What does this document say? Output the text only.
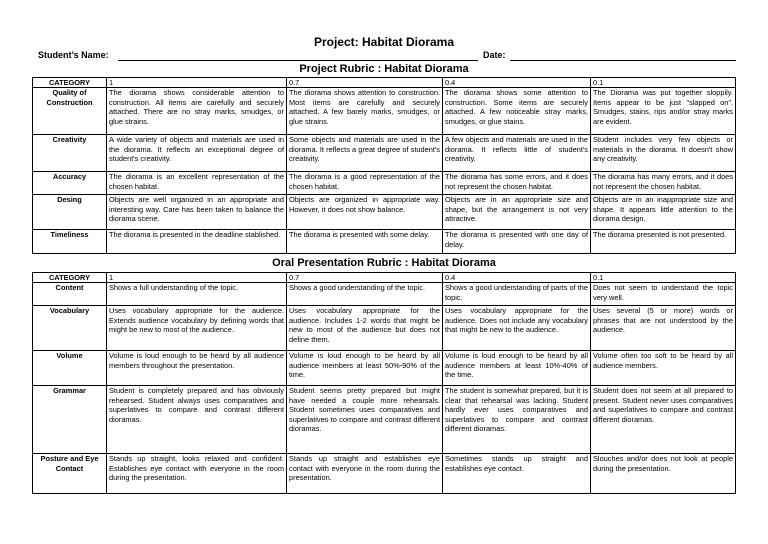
Project: Habitat Diorama
Student’s Name:	Date:
Project Rubric : Habitat Diorama
CATEGORY	1	0.7	0.4	0.1
Quality of Construction	The diorama shows considerable attention to construction. All items are carefully and securely attached. There are no stray marks, smudges, or glue strains.	The diorama shows attention to construction. Most items are carefully and securely attached. A few barely marks, smudges, or glue strains.	The diorama shows some attention to construction. Some items are securely attached. A few noticeable stray marks, smudges, or glue stains.	The Diorama was put together sloppily. Items appear to be just "slapped on". Smudges, stains, rips and/or stray marks are evident.
Creativity	A wide variety of objects and materials are used in the diorama. It reflects an exceptional degree of student's creativity.	Some objects and materials are used in the diorama. It reflects a great degree of student's creativity.	A few objects and materials are used in the diorama. It reflects little of student's creativity.	Student includes very few objects or materials in the diorama. It doesn't show any creativity.
Accuracy	The diorama is an excellent representation of the chosen habitat.	The diorama is a good representation of the chosen habitat.	The diorama has some errors, and it does not represent the chosen habitat.	The diorama has many errors, and it does not represent the chosen habitat.
Desing	Objects are well organized in an appropriate and interesting way. Care has been taken to balance the diorama scene.	Objects are organized in appropriate way. However, it does not show balance.	Objects are in an appropriate size and shape, but the arrangement is not very attractive.	Objects are in an inappropriate size and shape. It appears little attention to the diorama design.
Timeliness	The diorama is presented in the deadline stablished.	The diorama is presented with some delay.	The diorama is presented with one day of delay.	The diorama presented is not presented.
Oral Presentation Rubric : Habitat Diorama
CATEGORY	1	0.7	0.4	0.1
Content	Shows a full understanding of the topic.	Shows a good understanding of the topic.	Shows a good understanding of parts of the topic.	Does not seem to understand the topic very well.
Vocabulary	Uses vocabulary appropriate for the audience. Extends audience vocabulary by defining words that might be new to most of the audience.	Uses vocabulary appropriate for the audience. Includes 1-2 words that might be new to most of the audience but does not define them.	Uses vocabulary appropriate for the audience. Does not include any vocabulary that might be new to the audience.	Uses several (5 or more) words or phrases that are not understood by the audience.
Volume	Volume is loud enough to be heard by all audience members throughout the presentation.	Volume is loud enough to be heard by all audience members at least 50%-90% of the time.	Volume is loud enough to be heard by all audience members at least 10%-40% of the time.	Volume often too soft to be heard by all audience members.
Grammar	Student is completely prepared and has obviously rehearsed. Student always uses comparatives and superlatives to compare and contrast different dioramas.	Student seems pretty prepared but might have needed a couple more rehearsals. Student sometimes uses comparatives and superlatives to compare and contrast different dioramas.	The student is somewhat prepared, but it is clear that rehearsal was lacking. Student hardly ever uses comparatives and superlatives to compare and contrast different dioramas.	Student does not seem at all prepared to present. Student never uses comparatives and superlatives to compare and contrast different dioramas.
Posture and Eye Contact	Stands up straight, looks relaxed and confident. Establishes eye contact with everyone in the room during the presentation.	Stands up straight and establishes eye contact with everyone in the room during the presentation.	Sometimes stands up straight and establishes eye contact.	Slouches and/or does not look at people during the presentation.
